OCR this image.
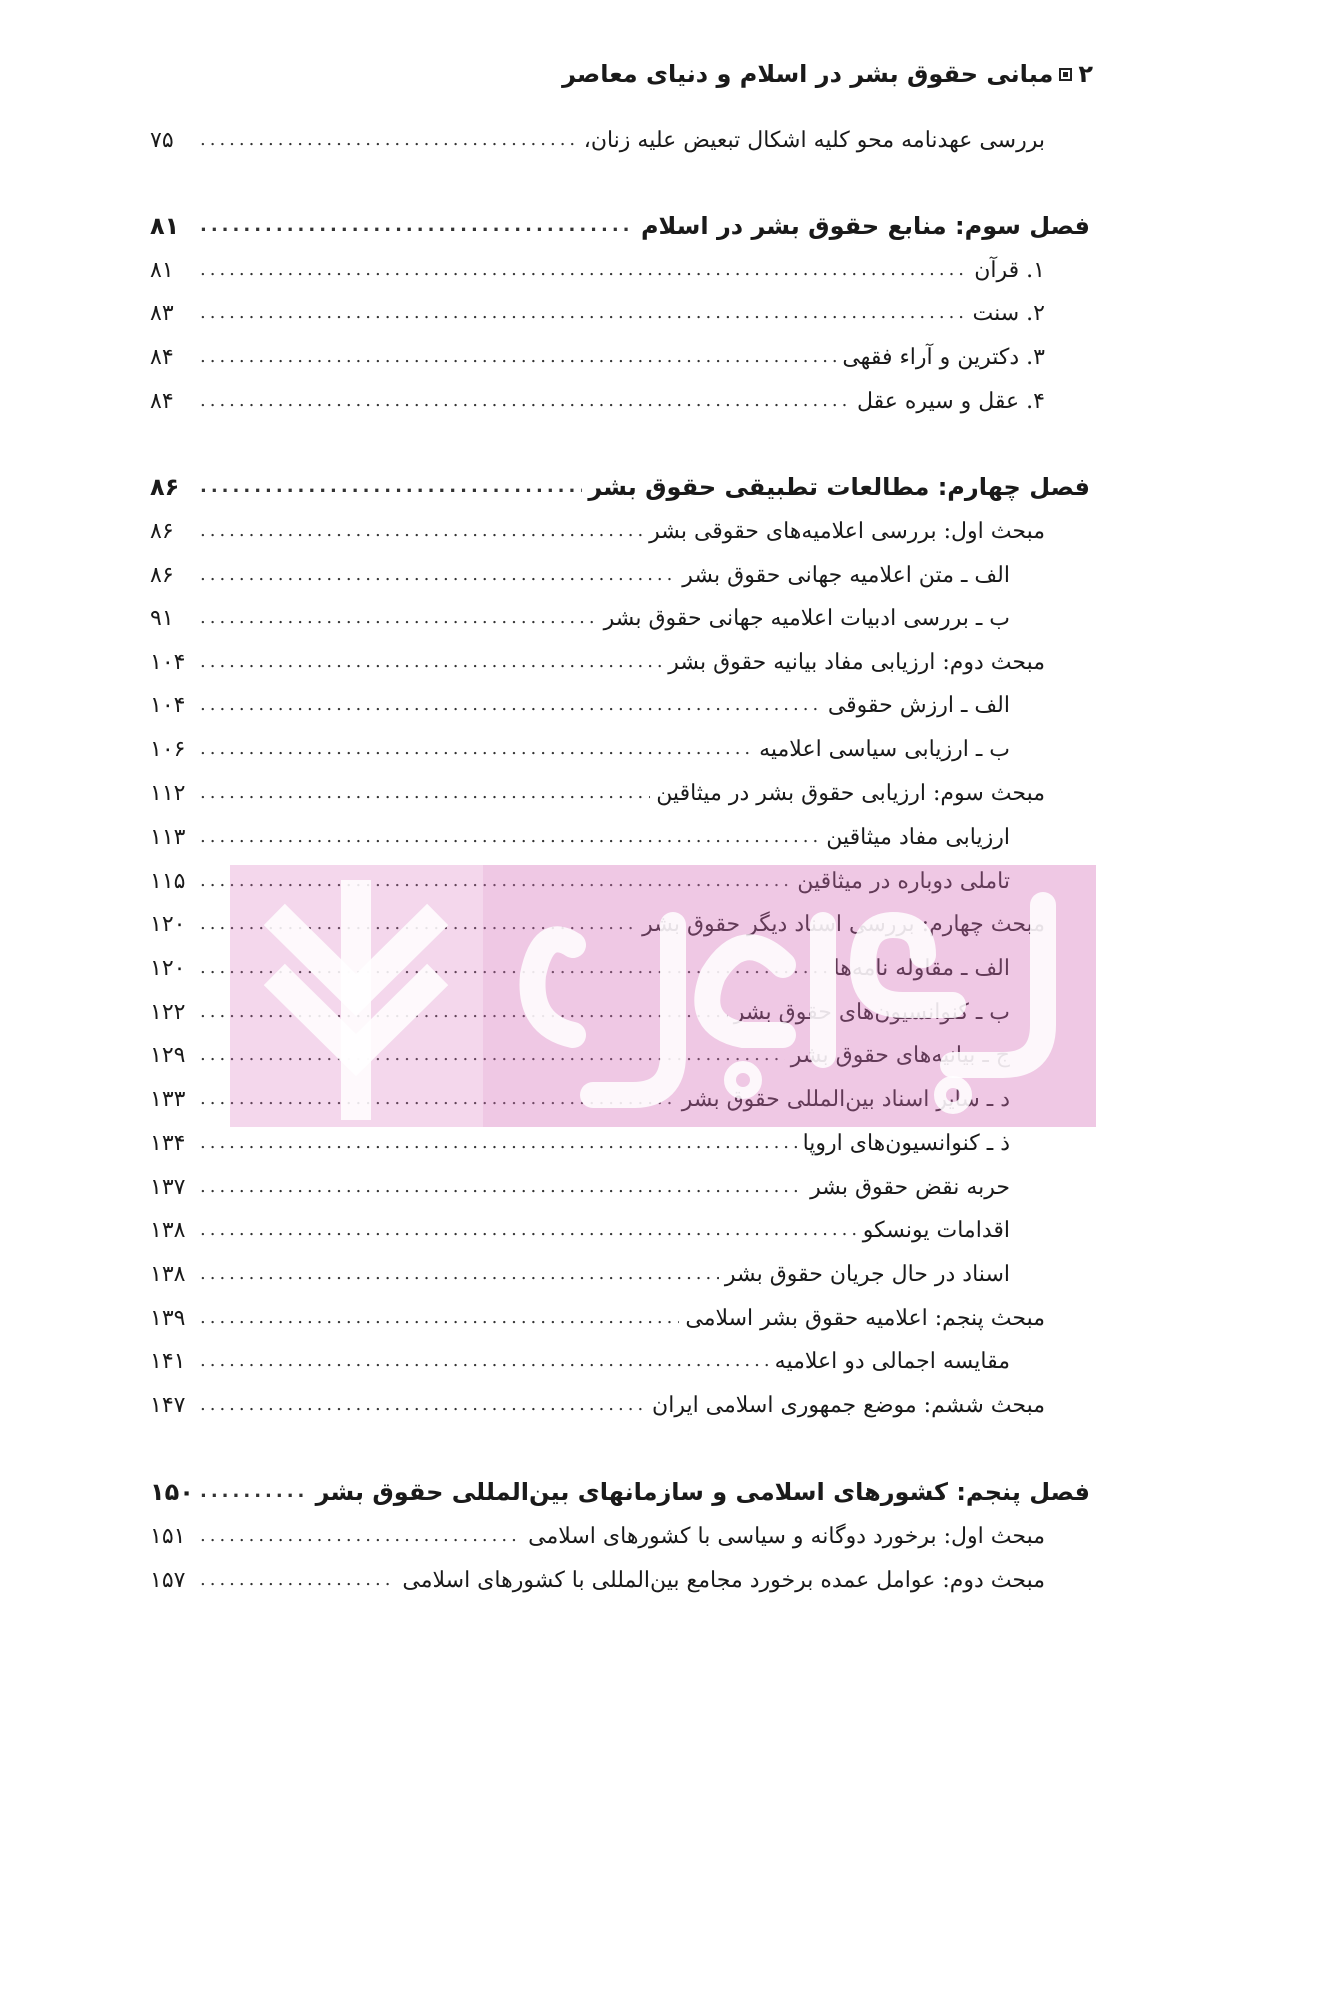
۲
مبانی حقوق بشر در اسلام و دنیای معاصر
بررسی عهدنامه محو کلیه اشکال تبعیض علیه زنان،
.....
۷۵
فصل سوم: منابع حقوق بشر در اسلام
.....
۸۱
۱. قرآن
.....
۸۱
۲. سنت
.....
۸۳
۳. دکترین و آراء فقهی
.....
۸۴
۴. عقل و سیره عقل
.....
۸۴
فصل چهارم: مطالعات تطبیقی حقوق بشر
.....
۸۶
مبحث اول: بررسی اعلامیه‌های حقوقی بشر
.....
۸۶
الف ـ متن اعلامیه جهانی حقوق بشر
.....
۸۶
ب ـ بررسی ادبیات اعلامیه جهانی حقوق بشر
.....
۹۱
مبحث دوم: ارزیابی مفاد بیانیه حقوق بشر
.....
۱۰۴
الف ـ ارزش حقوقی
.....
۱۰۴
ب ـ ارزیابی سیاسی اعلامیه
.....
۱۰۶
مبحث سوم: ارزیابی حقوق بشر در میثاقین
.....
۱۱۲
ارزیابی مفاد میثاقین
.....
۱۱۳
تاملی دوباره در میثاقین
.....
۱۱۵
مبحث چهارم: بررسی اسناد دیگر حقوق بشر
.....
۱۲۰
الف ـ مقاوله نامه‌ها
.....
۱۲۰
ب ـ کنوانسیون‌های حقوق بشر
.....
۱۲۲
ج ـ بیانیه‌های حقوق بشر
.....
۱۲۹
د ـ سایر اسناد بین‌المللی حقوق بشر
.....
۱۳۳
ذ ـ کنوانسیون‌های اروپا
.....
۱۳۴
حربه نقض حقوق بشر
.....
۱۳۷
اقدامات یونسکو
.....
۱۳۸
اسناد در حال جریان حقوق بشر
.....
۱۳۸
مبحث پنجم: اعلامیه حقوق بشر اسلامی
.....
۱۳۹
مقایسه اجمالی دو اعلامیه
.....
۱۴۱
مبحث ششم: موضع جمهوری اسلامی ایران
.....
۱۴۷
فصل پنجم: کشورهای اسلامی و سازمانهای بین‌المللی حقوق بشر
.....
۱۵۰
مبحث اول: برخورد دوگانه و سیاسی با کشورهای اسلامی
.....
۱۵۱
مبحث دوم: عوامل عمده برخورد مجامع بین‌المللی با کشورهای اسلامی
.....
۱۵۷
